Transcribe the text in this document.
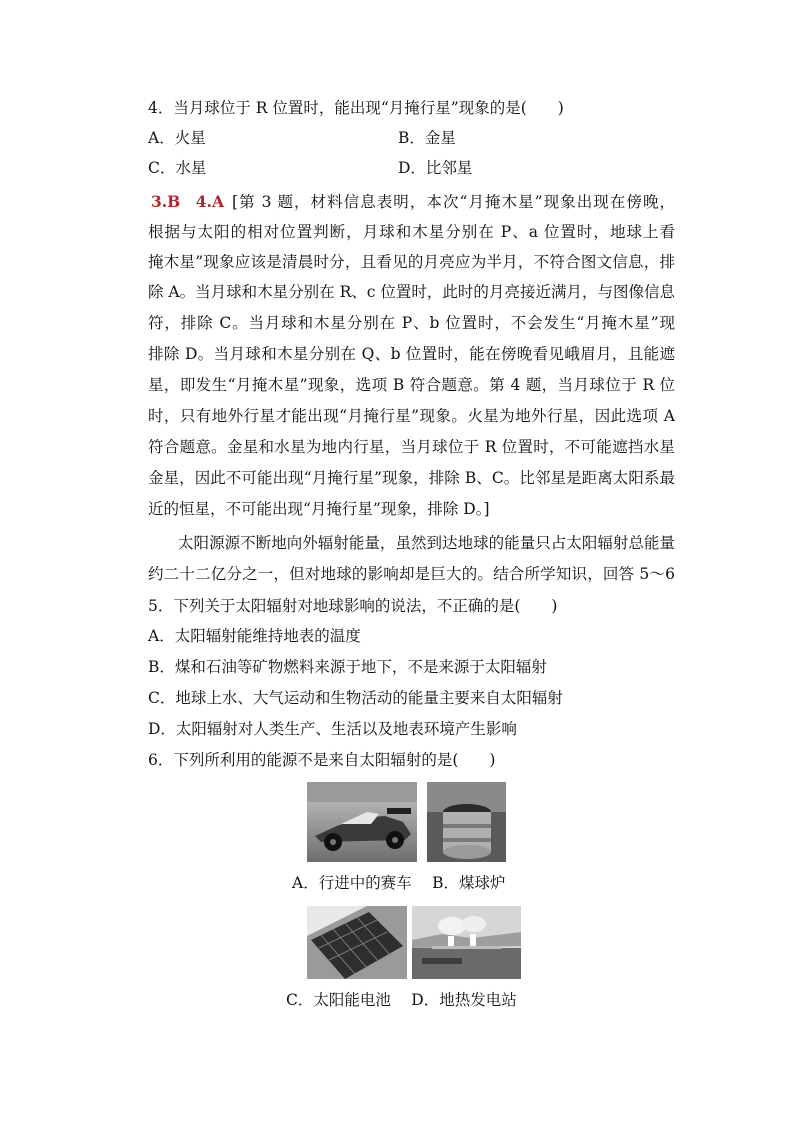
4．当月球位于 R 位置时，能出现“月掩行星”现象的是(　　)
A．火星	B．金星
C．水星	D．比邻星
3.B　4.A [第 3 题，材料信息表明，本次“月掩木星”现象出现在傍晚，
根据与太阳的相对位置判断，月球和木星分别在 P、a 位置时，地球上看
掩木星”现象应该是清晨时分，且看见的月亮应为半月，不符合图文信息，排
除 A。当月球和木星分别在 R、c 位置时，此时的月亮接近满月，与图像信息
符，排除 C。当月球和木星分别在 P、b 位置时，不会发生“月掩木星”现
排除 D。当月球和木星分别在 Q、b 位置时，能在傍晚看见峨眉月，且能遮
星，即发生“月掩木星”现象，选项 B 符合题意。第 4 题，当月球位于 R 位
时，只有地外行星才能出现“月掩行星”现象。火星为地外行星，因此选项 A
符合题意。金星和水星为地内行星，当月球位于 R 位置时，不可能遮挡水星
金星，因此不可能出现“月掩行星”现象，排除 B、C。比邻星是距离太阳系最
近的恒星，不可能出现“月掩行星”现象，排除 D。]
太阳源源不断地向外辐射能量，虽然到达地球的能量只占太阳辐射总能量
约二十二亿分之一，但对地球的影响却是巨大的。结合所学知识，回答 5～6
5．下列关于太阳辐射对地球影响的说法，不正确的是(　　)
A．太阳辐射能维持地表的温度
B．煤和石油等矿物燃料来源于地下，不是来源于太阳辐射
C．地球上水、大气运动和生物活动的能量主要来自太阳辐射
D．太阳辐射对人类生产、生活以及地表环境产生影响
6．下列所利用的能源不是来自太阳辐射的是(　　)
A．行进中的赛车　 B．煤球炉
C．太阳能电池　 D．地热发电站
